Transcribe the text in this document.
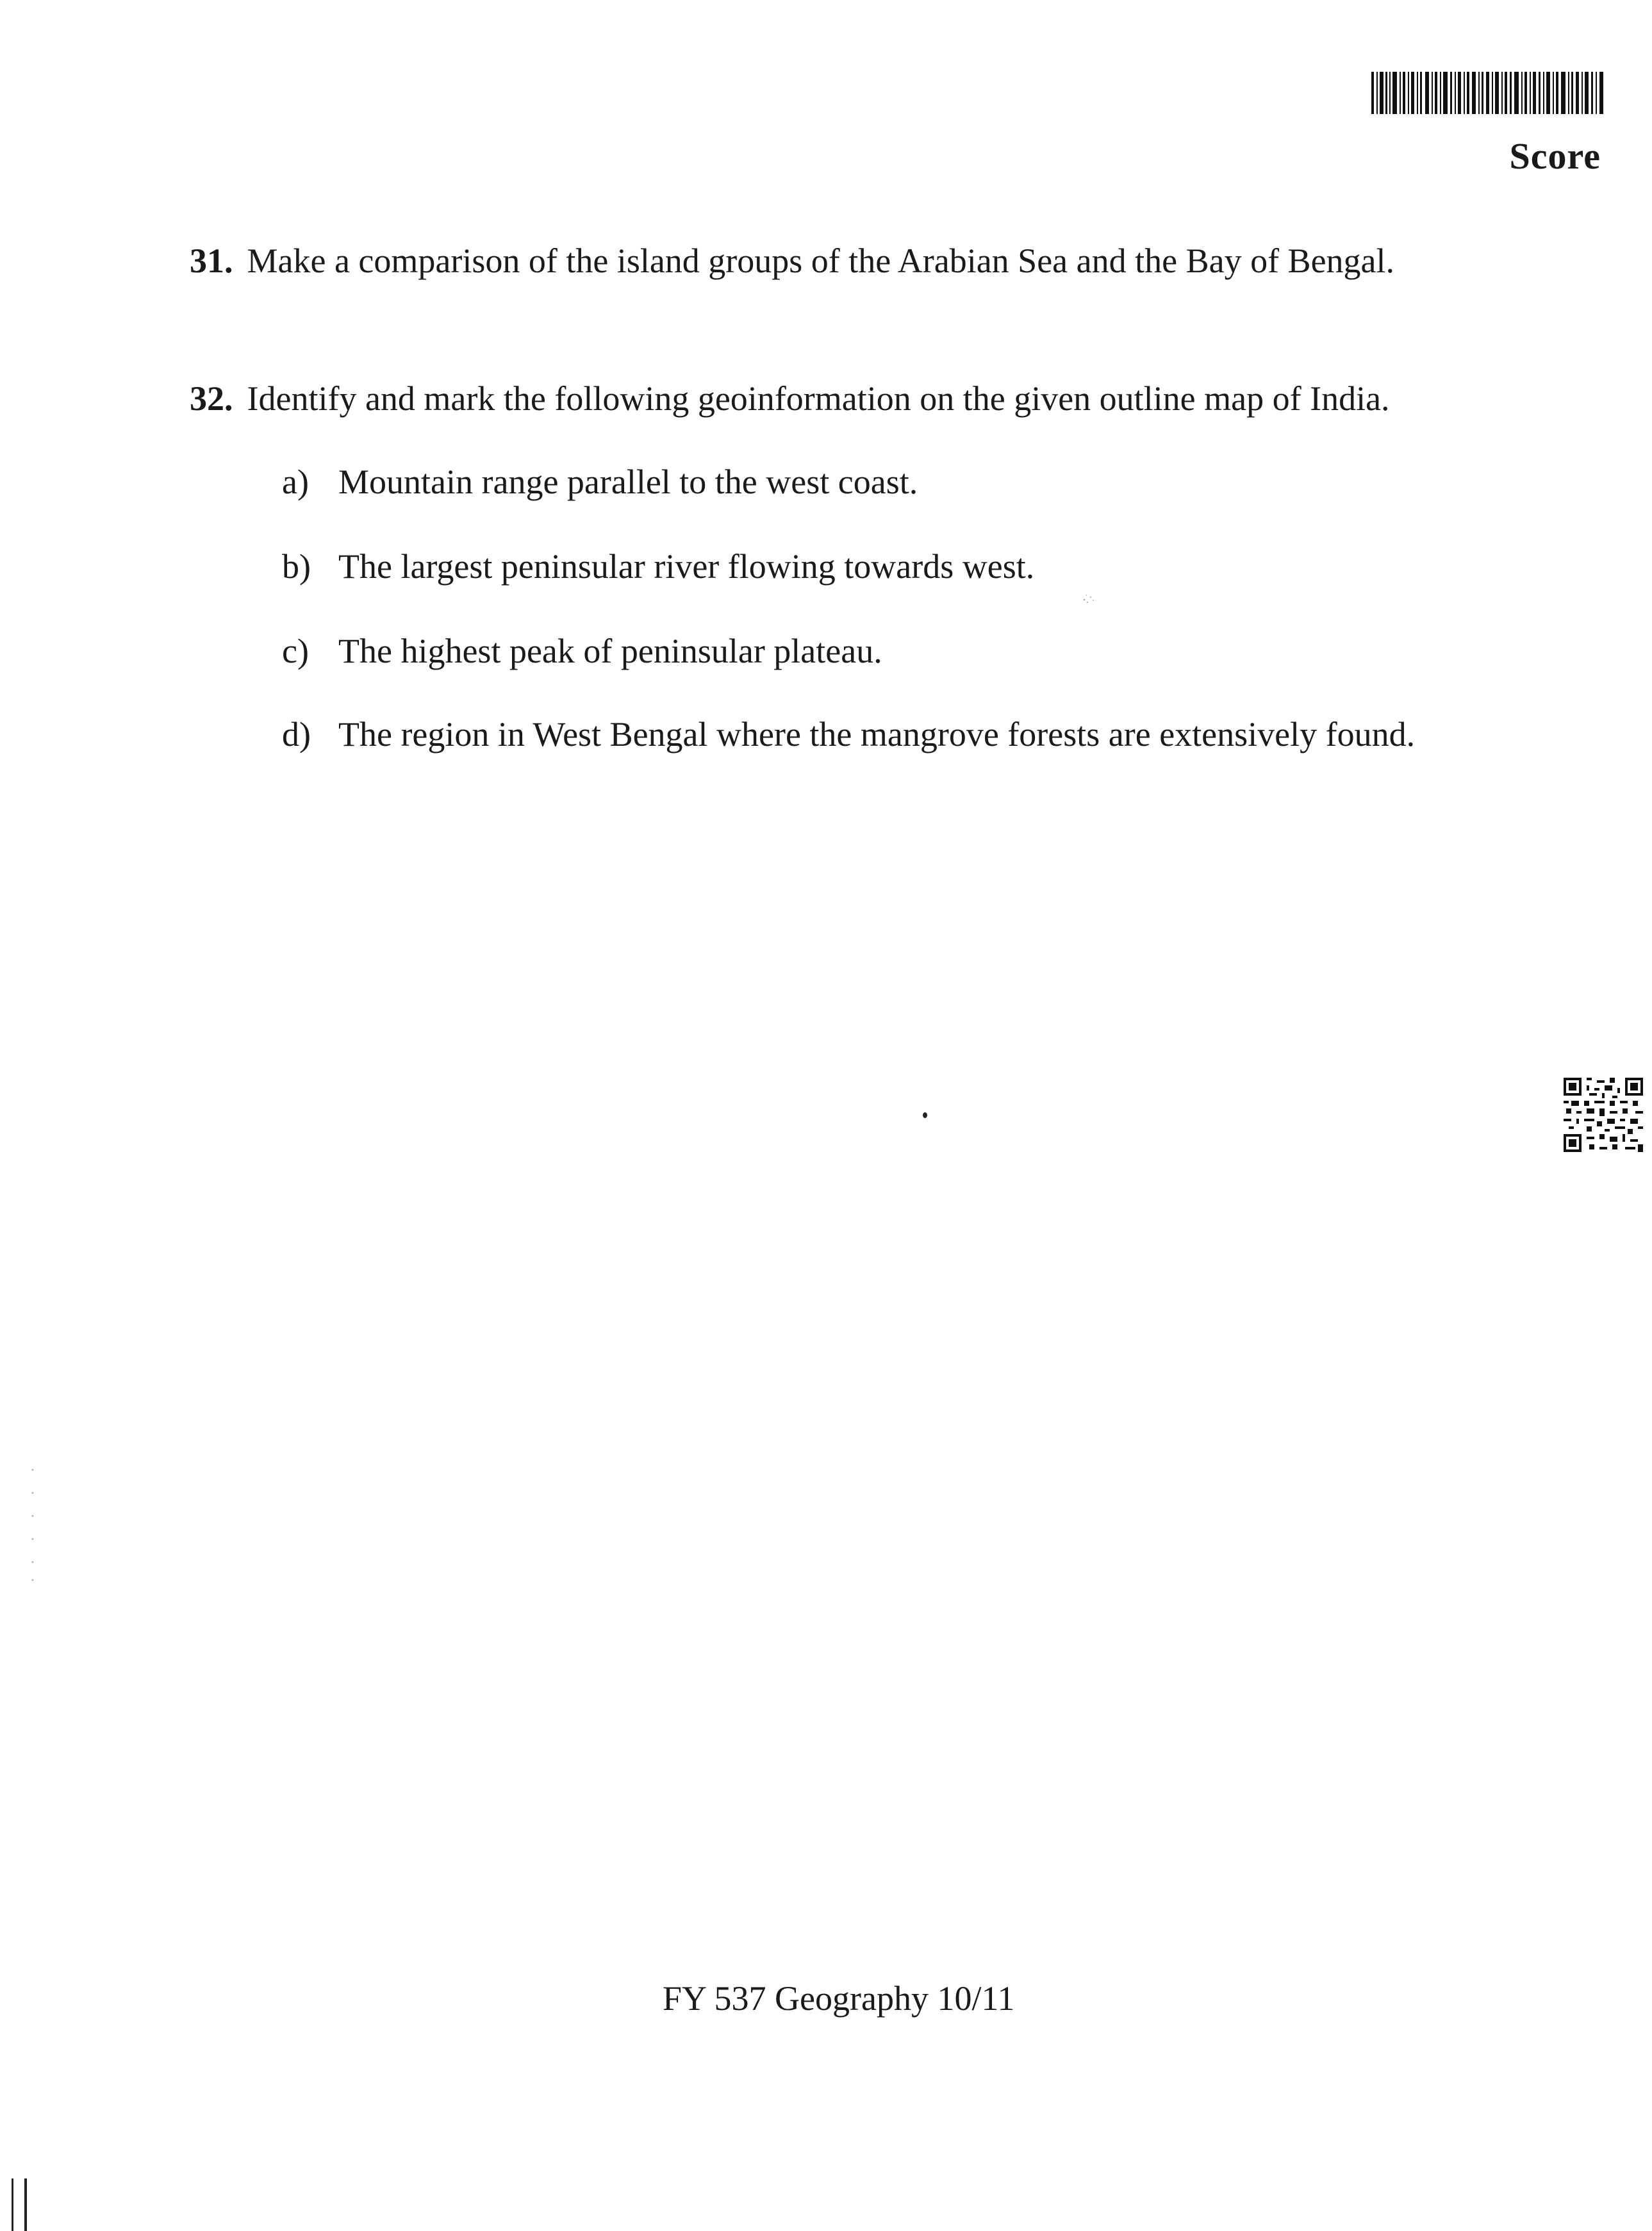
Score
31. Make a comparison of the island groups of the Arabian Sea and the Bay of Bengal.
32. Identify and mark the following geoinformation on the given outline map of India.
a) Mountain range parallel to the west coast.
b) The largest peninsular river flowing towards west.
c) The highest peak of peninsular plateau.
d) The region in West Bengal where the mangrove forests are extensively found.
FY 537 Geography 10/11
